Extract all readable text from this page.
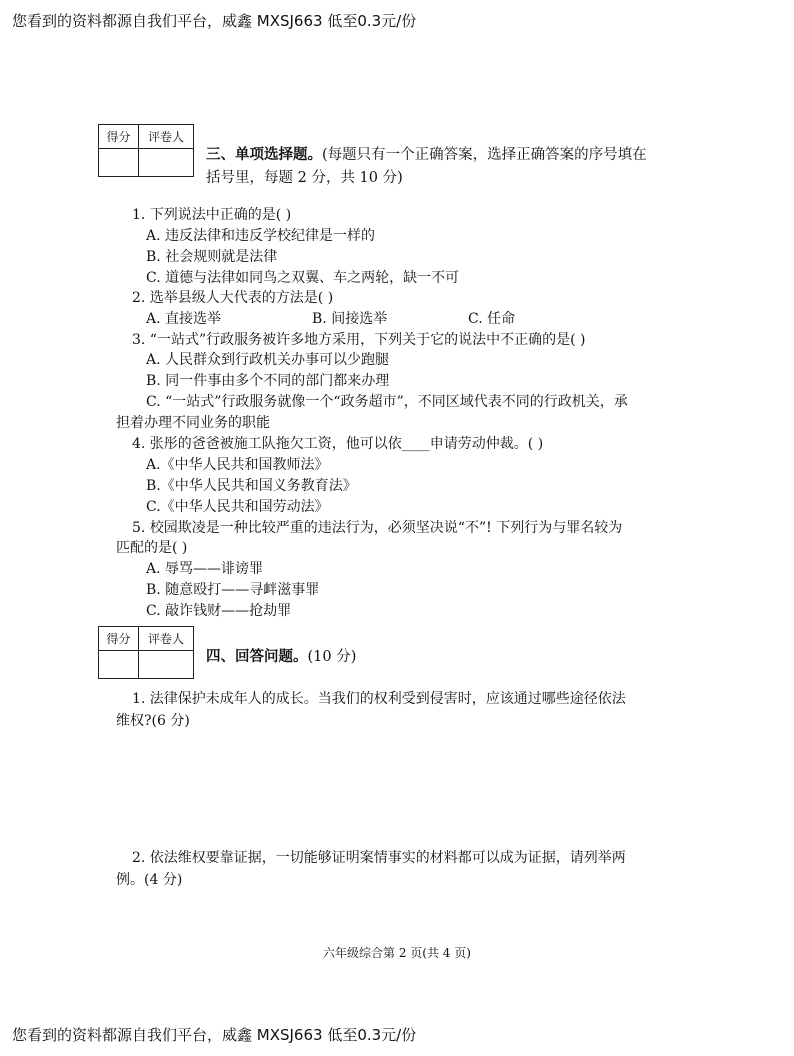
您看到的资料都源自我们平台，威鑫 MXSJ663 低至0.3元/份
得分	评卷人

三、单项选择题。(每题只有一个正确答案，选择正确答案的序号填在
括号里，每题 2 分，共 10 分)
1. 下列说法中正确的是( )
A. 违反法律和违反学校纪律是一样的
B. 社会规则就是法律
C. 道德与法律如同鸟之双翼、车之两轮，缺一不可
2. 选举县级人大代表的方法是( )
A. 直接选举	B. 间接选举	C. 任命
3. “一站式”行政服务被许多地方采用，下列关于它的说法中不正确的是( )
A. 人民群众到行政机关办事可以少跑腿
B. 同一件事由多个不同的部门都来办理
C. “一站式”行政服务就像一个“政务超市”，不同区域代表不同的行政机关，承
担着办理不同业务的职能
4. 张彤的爸爸被施工队拖欠工资，他可以依____申请劳动仲裁。( )
A.《中华人民共和国教师法》
B.《中华人民共和国义务教育法》
C.《中华人民共和国劳动法》
5. 校园欺凌是一种比较严重的违法行为，必须坚决说“不”! 下列行为与罪名较为
匹配的是( )
A. 辱骂——诽谤罪
B. 随意殴打——寻衅滋事罪
C. 敲诈钱财——抢劫罪
得分	评卷人

四、回答问题。(10 分)
1. 法律保护未成年人的成长。当我们的权利受到侵害时，应该通过哪些途径依法
维权?(6 分)
2. 依法维权要靠证据，一切能够证明案情事实的材料都可以成为证据，请列举两
例。(4 分)
六年级综合第 2 页(共 4 页)
您看到的资料都源自我们平台，威鑫 MXSJ663 低至0.3元/份
